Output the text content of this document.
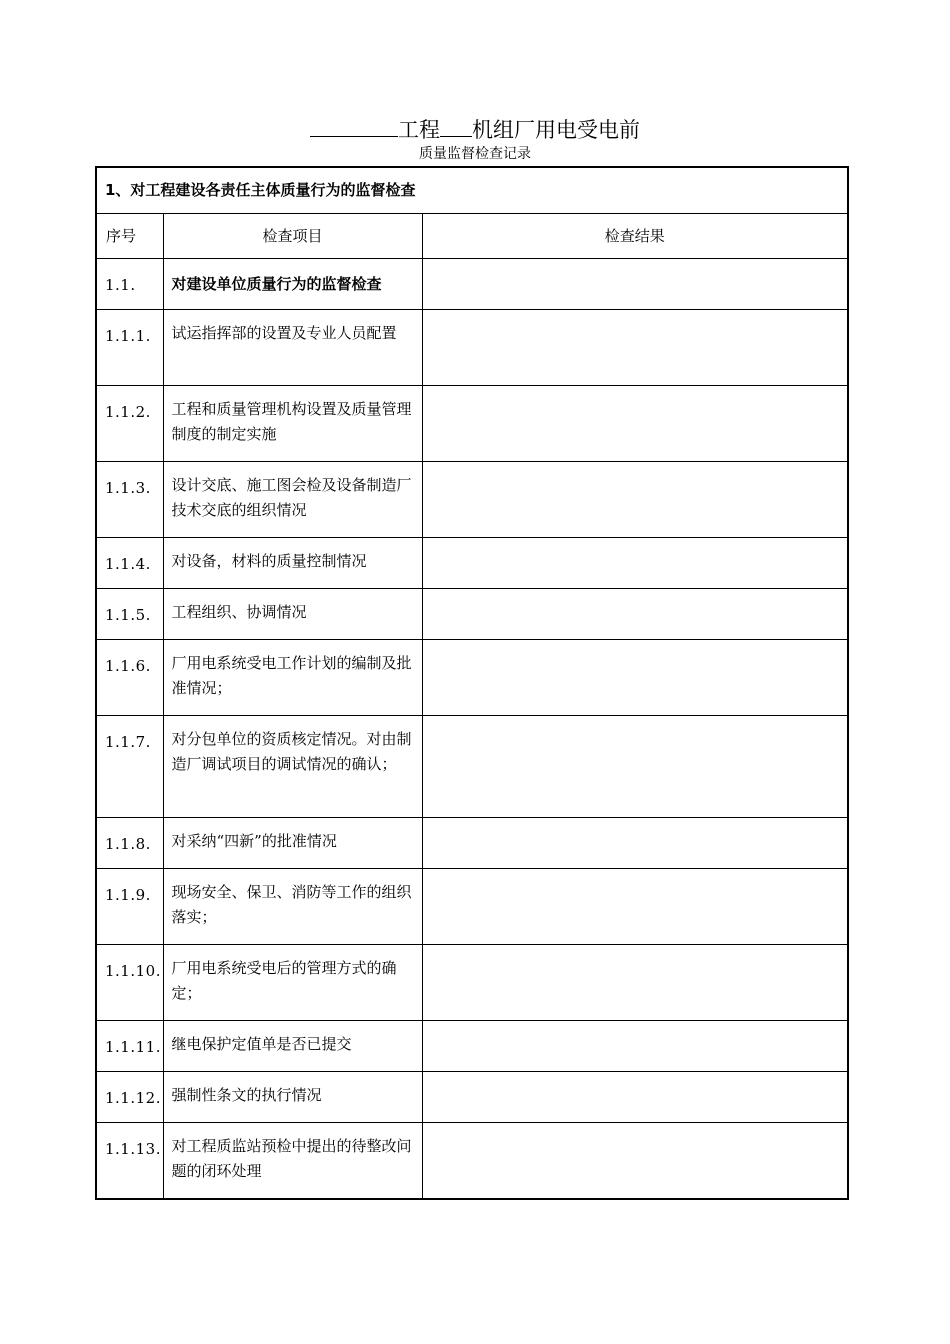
工程 机组厂用电受电前
质量监督检查记录
1、对工程建设各责任主体质量行为的监督检查		
序号	检查项目	检查结果
1.1.	对建设单位质量行为的监督检查	
1.1.1.	试运指挥部的设置及专业人员配置	
1.1.2.	工程和质量管理机构设置及质量管理制度的制定实施	
1.1.3.	设计交底、施工图会检及设备制造厂技术交底的组织情况	
1.1.4.	对设备，材料的质量控制情况	
1.1.5.	工程组织、协调情况	
1.1.6.	厂用电系统受电工作计划的编制及批准情况；	
1.1.7.	对分包单位的资质核定情况。对由制造厂调试项目的调试情况的确认；	
1.1.8.	对采纳“四新”的批准情况	
1.1.9.	现场安全、保卫、消防等工作的组织落实；	
1.1.10.	厂用电系统受电后的管理方式的确定；	
1.1.11.	继电保护定值单是否已提交	
1.1.12.	强制性条文的执行情况	
1.1.13.	对工程质监站预检中提出的待整改问题的闭环处理	
